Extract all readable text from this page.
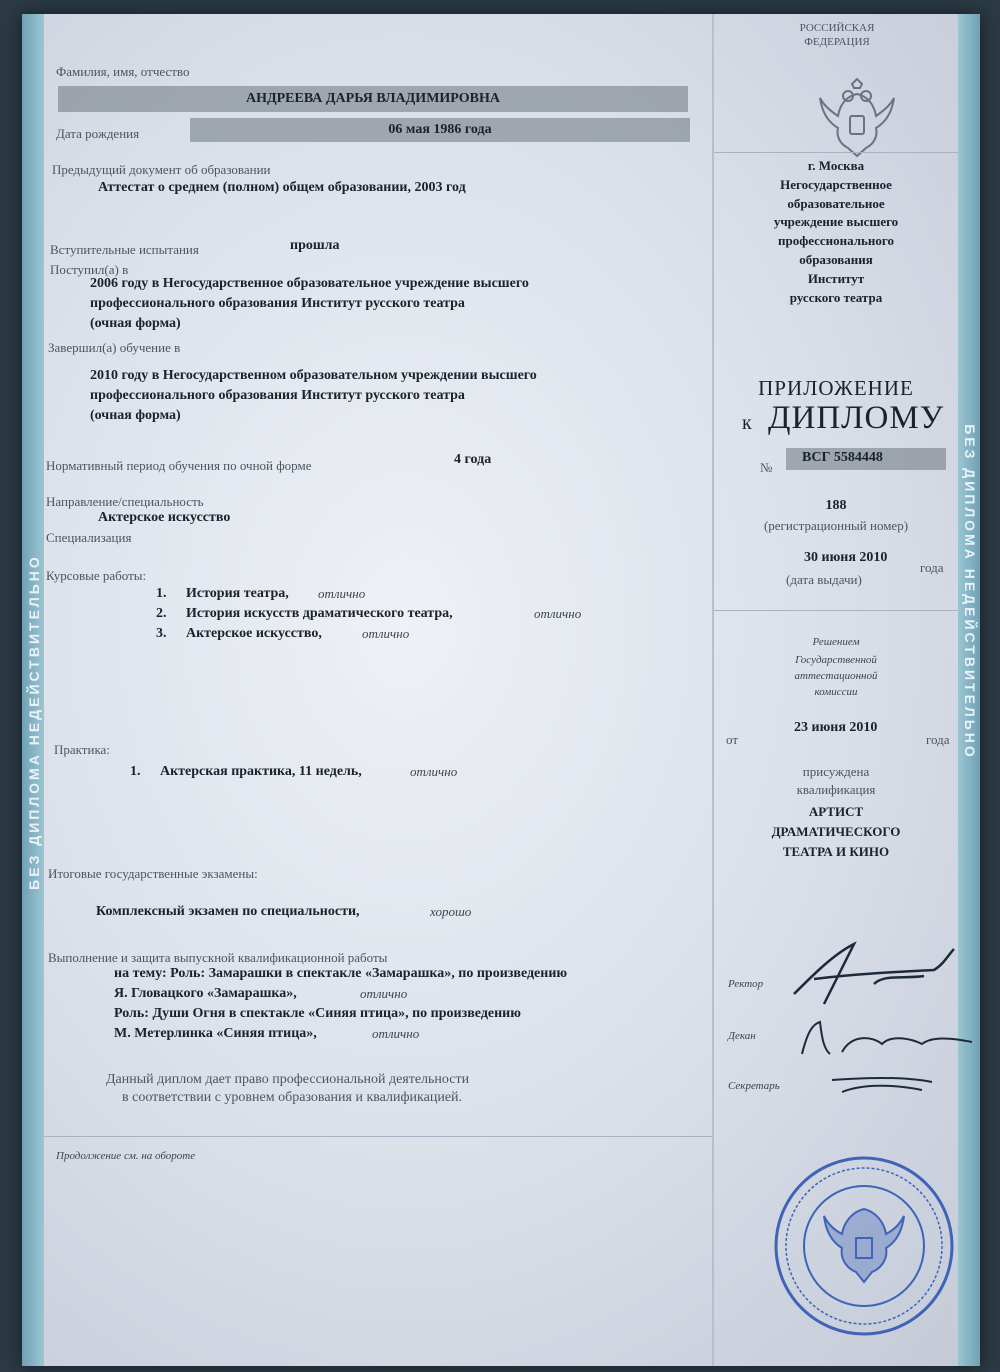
БЕЗ ДИПЛОМА НЕДЕЙСТВИТЕЛЬНО	БЕЗ ДИПЛОМА НЕДЕЙСТВИТЕЛЬНО
Фамилия, имя, отчество
АНДРЕЕВА ДАРЬЯ ВЛАДИМИРОВНА
Дата рождения	06 мая 1986 года
Предыдущий документ об образовании
Аттестат о среднем (полном) общем образовании, 2003 год
Вступительные испытания	прошла
Поступил(а) в
2006 году в Негосударственное образовательное учреждение высшего
профессионального образования Институт русского театра
(очная форма)
Завершил(а) обучение в
2010 году в Негосударственном образовательном учреждении высшего
профессионального образования Институт русского театра
(очная форма)
Нормативный период обучения по очной форме	4 года
Направление/специальность
Актерское искусство
Специализация
Курсовые работы:
1. История театра, отлично
2. История искусств драматического театра,	отлично
3. Актерское искусство,	отлично
Практика:
1. Актерская практика, 11 недель,	отлично
Итоговые государственные экзамены:
Комплексный экзамен по специальности,	хорошо
Выполнение и защита выпускной квалификационной работы
на тему: Роль: Замарашки в спектакле «Замарашка», по произведению
Я. Гловацкого «Замарашка»,	отлично
Роль: Души Огня в спектакле «Синяя птица», по произведению
М. Метерлинка «Синяя птица»,	отлично
Данный диплом дает право профессиональной деятельности
в соответствии с уровнем образования и квалификацией.
Продолжение см. на обороте
РОССИЙСКАЯ
ФЕДЕРАЦИЯ
г. Москва
Негосударственное
образовательное
учреждение высшего
профессионального
образования
Институт
русского театра
ПРИЛОЖЕНИЕ
к ДИПЛОМУ
№
ВСГ 5584448
188
(регистрационный номер)
30 июня 2010
года
(дата выдачи)
Решением
Государственной
аттестационной
комиссии
от
23 июня 2010
года
присуждена
квалификация
АРТИСТ
ДРАМАТИЧЕСКОГО
ТЕАТРА И КИНО
Ректор
Декан
Секретарь
